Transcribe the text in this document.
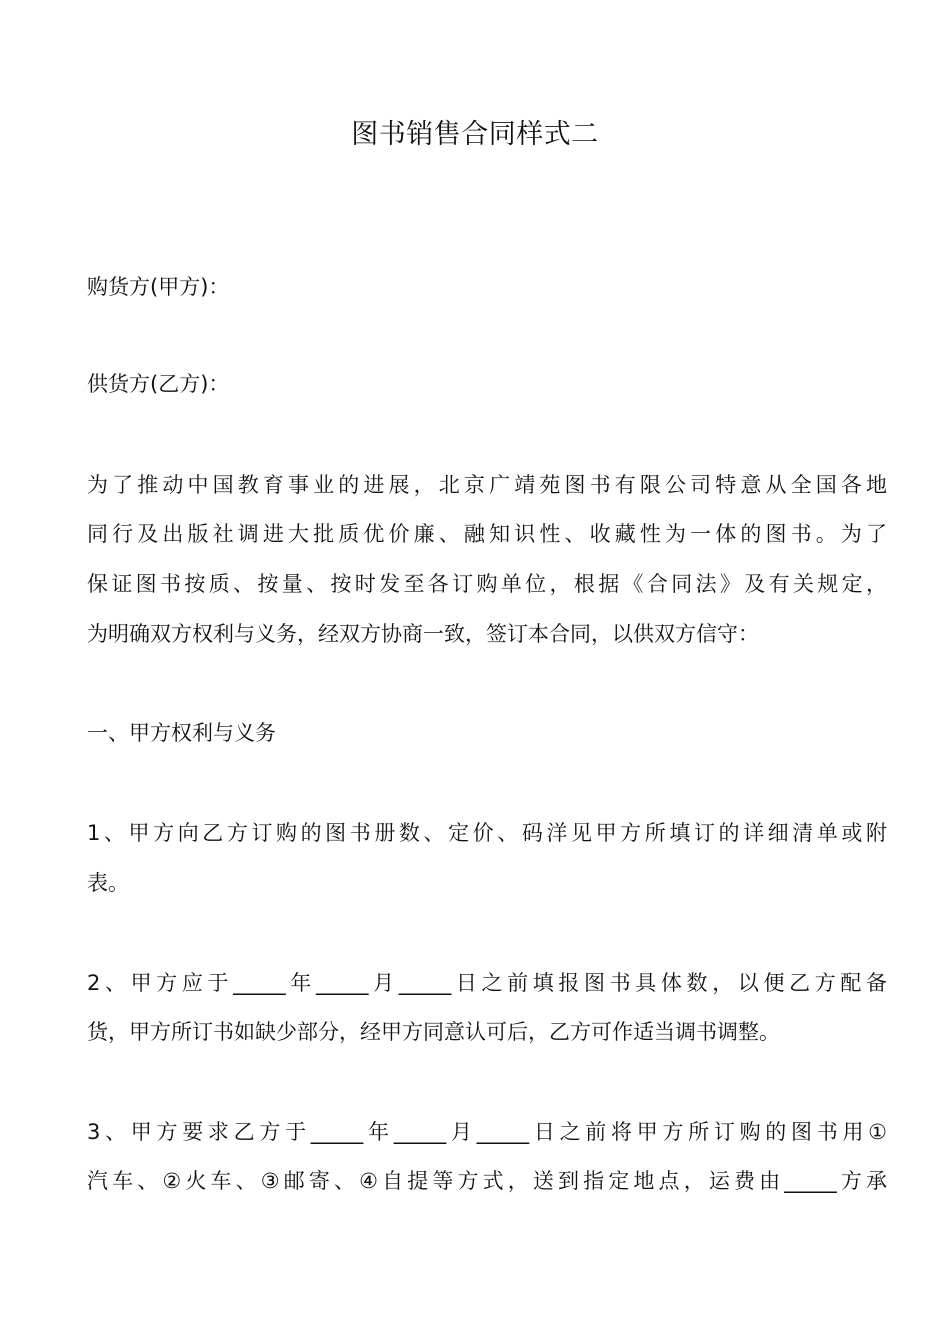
图书销售合同样式二
购货方(甲方)：
供货方(乙方)：
为了推动中国教育事业的进展，北京广靖苑图书有限公司特意从全国各地
同行及出版社调进大批质优价廉、融知识性、收藏性为一体的图书。为了
保证图书按质、按量、按时发至各订购单位，根据《合同法》及有关规定，
为明确双方权利与义务，经双方协商一致，签订本合同，以供双方信守：
一、甲方权利与义务
1、甲方向乙方订购的图书册数、定价、码洋见甲方所填订的详细清单或附
表。
2、甲方应于_____年_____月_____日之前填报图书具体数，以便乙方配备
货，甲方所订书如缺少部分，经甲方同意认可后，乙方可作适当调书调整。
3、甲方要求乙方于_____年_____月_____日之前将甲方所订购的图书用①
汽车、②火车、③邮寄、④自提等方式，送到指定地点，运费由_____方承
